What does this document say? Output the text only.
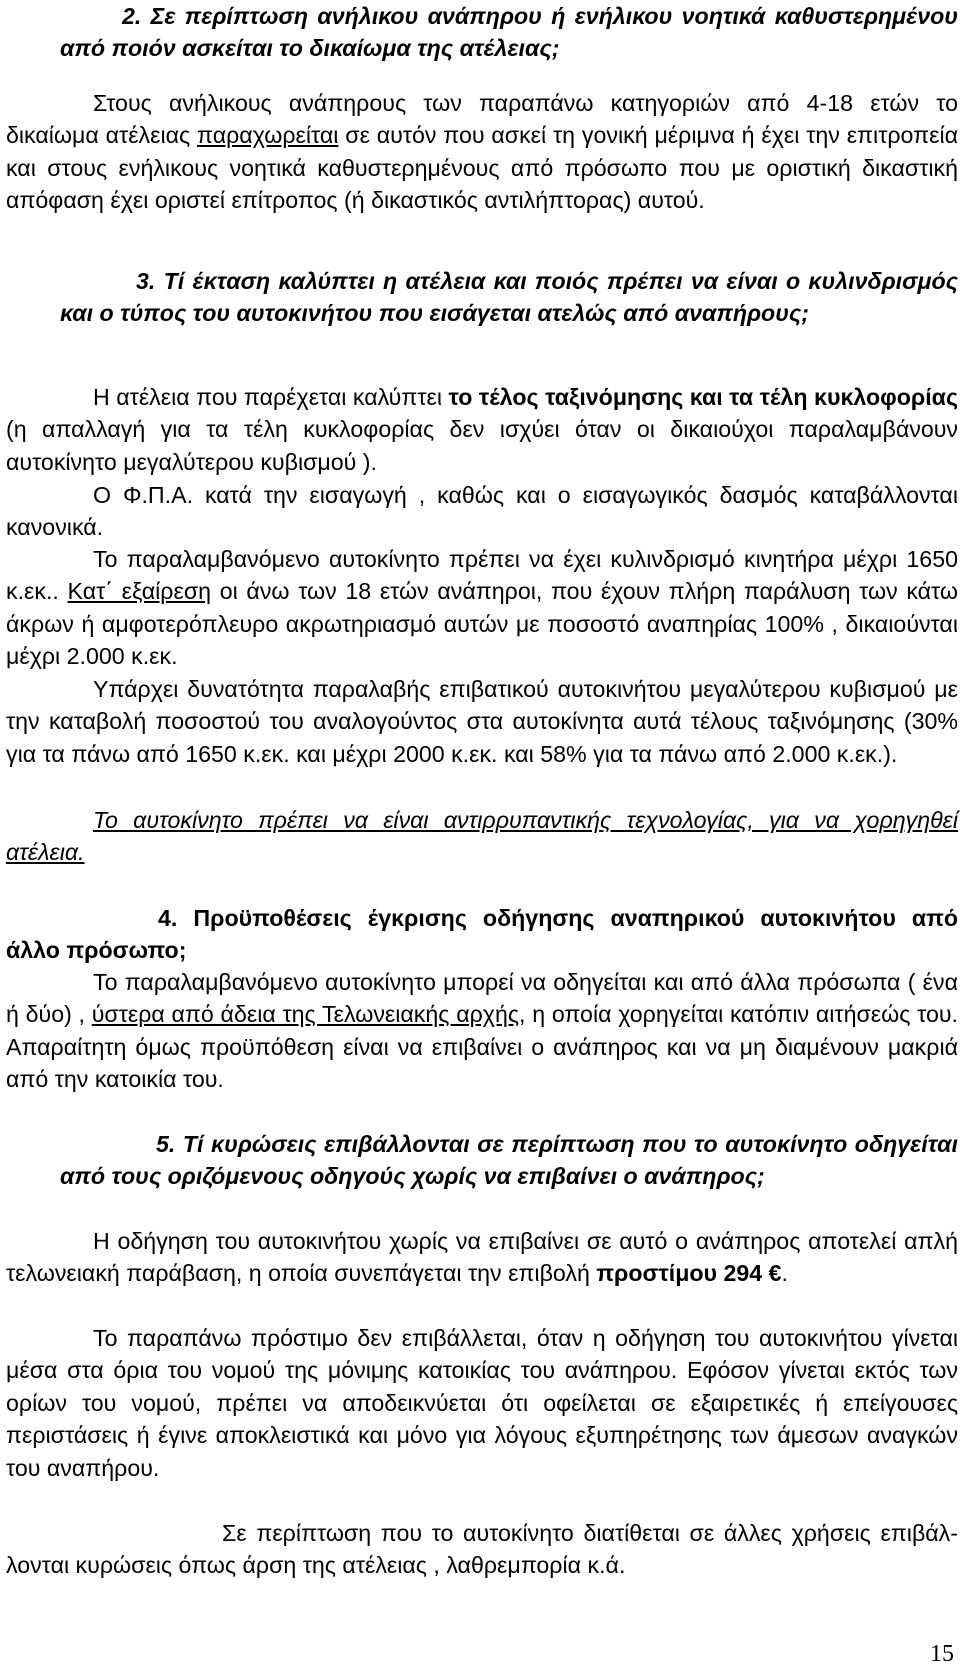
2. Σε περίπτωση ανήλικου ανάπηρου ή ενήλικου νοητικά καθυστερημένου από ποιόν ασκείται το δικαίωμα της ατέλειας;
Στους ανήλικους ανάπηρους των παραπάνω κατηγοριών από 4-18 ετών το δικαίωμα ατέλειας παραχωρείται σε αυτόν που ασκεί τη γονική μέριμνα ή έχει την επιτροπεία και στους ενήλικους νοητικά καθυστερημένους από πρόσωπο που με οριστική δικαστική απόφαση έχει οριστεί επίτροπος (ή δικαστικός αντιλήπτορας) αυτού.
3. Τί έκταση καλύπτει η ατέλεια και ποιός πρέπει να είναι ο κυλινδρισμός και ο τύπος του αυτοκινήτου που εισάγεται ατελώς από αναπήρους;
Η ατέλεια που παρέχεται καλύπτει το τέλος ταξινόμησης και τα τέλη κυκλοφορίας (η απαλλαγή για τα τέλη κυκλοφορίας δεν ισχύει όταν οι δικαιούχοι παραλαμβάνουν αυτοκίνητο μεγαλύτερου κυβισμού ).
Ο Φ.Π.Α. κατά την εισαγωγή , καθώς και ο εισαγωγικός δασμός καταβάλλονται κανονικά.
Το παραλαμβανόμενο αυτοκίνητο πρέπει να έχει κυλινδρισμό κινητήρα μέχρι 1650 κ.εκ.. Κατ΄ εξαίρεση οι άνω των 18 ετών ανάπηροι, που έχουν πλήρη παράλυση των κάτω άκρων ή αμφοτερόπλευρο ακρωτηριασμό αυτών με ποσοστό αναπηρίας 100% , δικαιούνται μέχρι 2.000 κ.εκ.
Υπάρχει δυνατότητα παραλαβής επιβατικού αυτοκινήτου μεγαλύτερου κυβισμού με την καταβολή ποσοστού του αναλογούντος στα αυτοκίνητα αυτά τέλους ταξινόμησης (30% για τα πάνω από 1650 κ.εκ. και μέχρι 2000 κ.εκ. και 58% για τα πάνω από 2.000 κ.εκ.).
Το αυτοκίνητο πρέπει να είναι αντιρρυπαντικής τεχνολογίας, για να χορηγηθεί ατέλεια.
4. Προϋποθέσεις έγκρισης οδήγησης αναπηρικού αυτοκινήτου από άλλο πρόσωπο;
Το παραλαμβανόμενο αυτοκίνητο μπορεί να οδηγείται και από άλλα πρόσωπα ( ένα ή δύο) , ύστερα από άδεια της Τελωνειακής αρχής, η οποία χορηγείται κατόπιν αιτήσεώς του. Απαραίτητη όμως προϋπόθεση είναι να επιβαίνει ο ανάπηρος και να μη διαμένουν μακριά από την κατοικία του.
5. Τί κυρώσεις επιβάλλονται σε περίπτωση που το αυτοκίνητο οδηγείται από τους οριζόμενους οδηγούς χωρίς να επιβαίνει ο ανάπηρος;
Η οδήγηση του αυτοκινήτου χωρίς να επιβαίνει σε αυτό ο ανάπηρος αποτελεί απλή τελωνειακή παράβαση, η οποία συνεπάγεται την επιβολή προστίμου 294 €.
Το παραπάνω πρόστιμο δεν επιβάλλεται, όταν η οδήγηση του αυτοκινήτου γίνεται μέσα στα όρια του νομού της μόνιμης κατοικίας του ανάπηρου. Εφόσον γίνεται εκτός των ορίων του νομού, πρέπει να αποδεικνύεται ότι οφείλεται σε εξαιρετικές ή επείγουσες περιστάσεις ή έγινε αποκλειστικά και μόνο για λόγους εξυπηρέτησης των άμεσων αναγκών του αναπήρου.
Σε περίπτωση που το αυτοκίνητο διατίθεται σε άλλες χρήσεις επιβάλ-λονται κυρώσεις όπως άρση της ατέλειας , λαθρεμπορία κ.ά.
15
